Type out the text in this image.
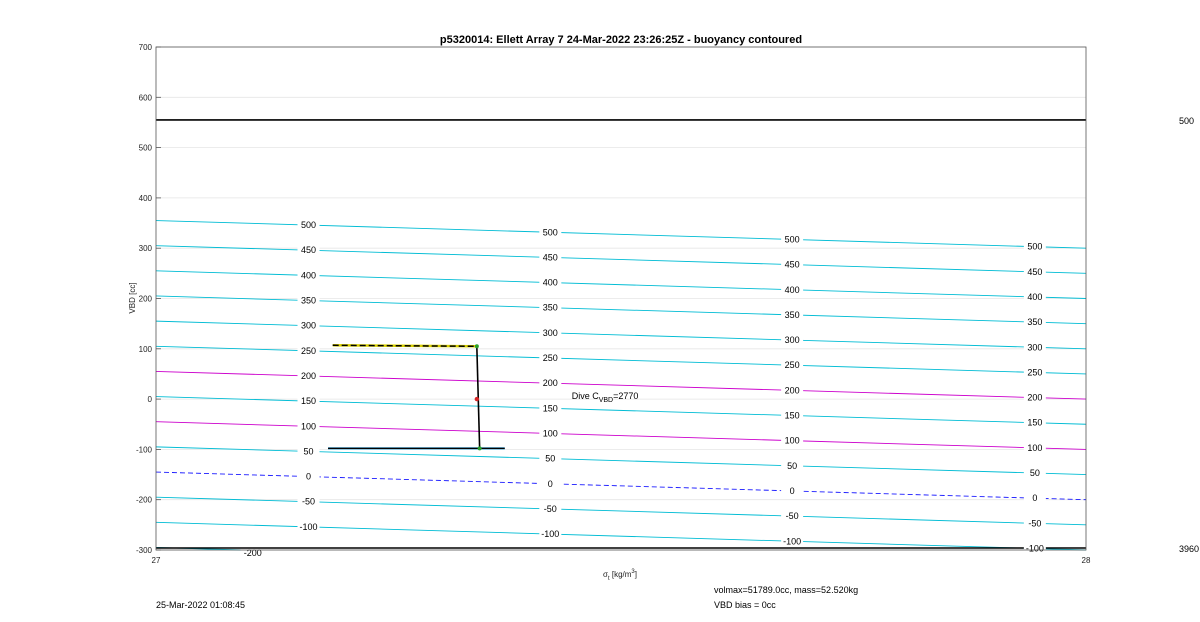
500
3960
-200
-100
-50
0
50
100
150
200
250
300
350
400
450
500
-100
-50
0
50
100
150
200
250
300
350
400
450
500
-100
-50
0
50
100
150
200
250
300
350
400
450
500
-100
-50
0
50
100
150
200
250
300
350
400
450
500
700
600
500
400
300
200
100
0
-100
-200
-300
27	28
p5320014: Ellett Array 7 24-Mar-2022 23:26:25Z - buoyancy contoured
VBD [cc]
$\sigma_t$ $[kg/m^3]$
Dive $C_{VBD}=2770$
25-Mar-2022 01:08:45
volmax=51789.0cc, mass=52.520kg
VBD bias = 0cc
